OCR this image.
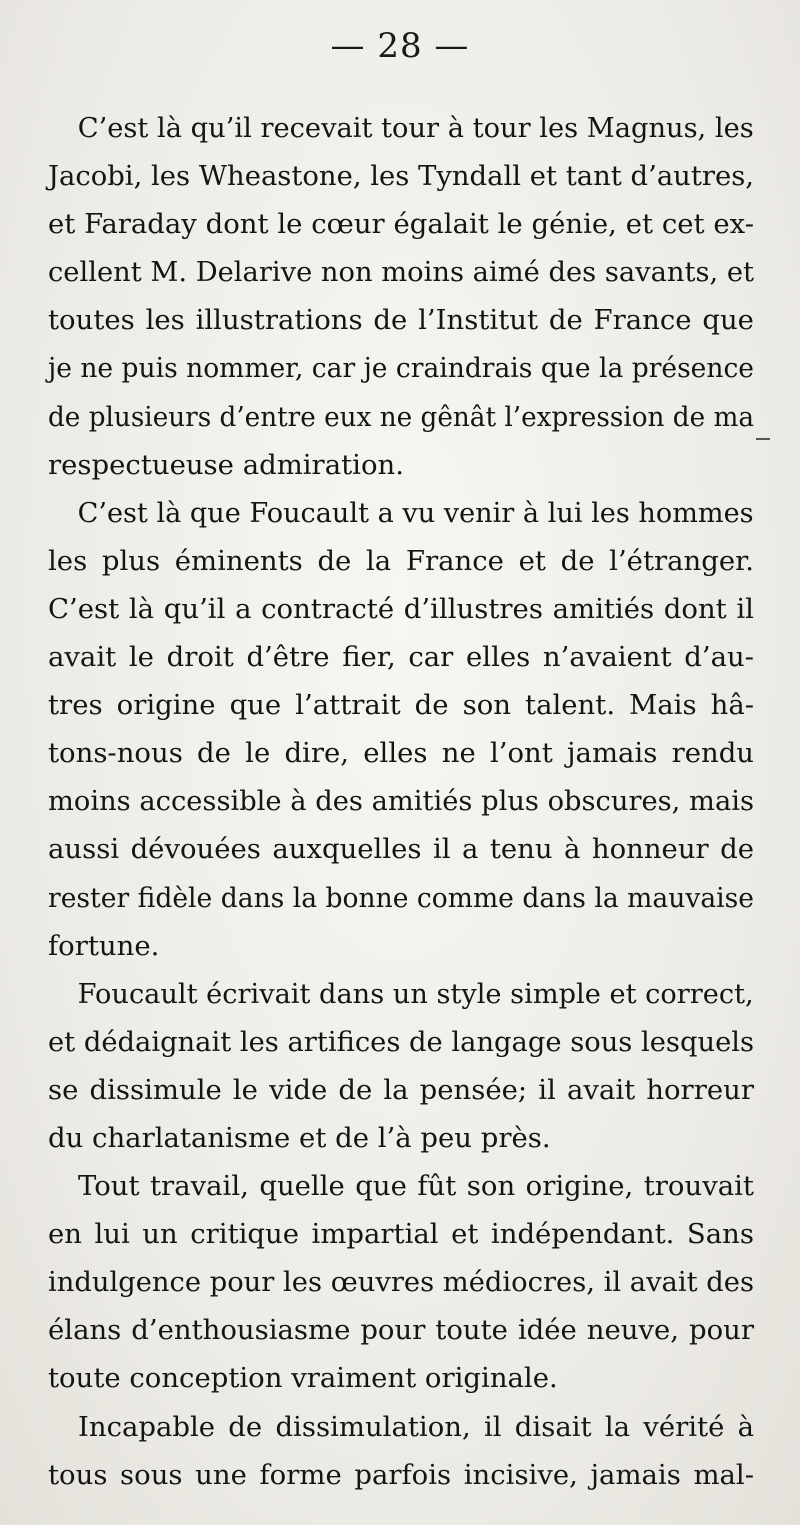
— 28 —
C’est là qu’il recevait tour à tour les Magnus, les
Jacobi, les Wheastone, les Tyndall et tant d’autres,
et Faraday dont le cœur égalait le génie, et cet ex-
cellent M. Delarive non moins aimé des savants, et
toutes les illustrations de l’Institut de France que
je ne puis nommer, car je craindrais que la présence
de plusieurs d’entre eux ne gênât l’expression de ma
respectueuse admiration.
C’est là que Foucault a vu venir à lui les hommes
les plus éminents de la France et de l’étranger.
C’est là qu’il a contracté d’illustres amitiés dont il
avait le droit d’être fier, car elles n’avaient d’au-
tres origine que l’attrait de son talent. Mais hâ-
tons-nous de le dire, elles ne l’ont jamais rendu
moins accessible à des amitiés plus obscures, mais
aussi dévouées auxquelles il a tenu à honneur de
rester fidèle dans la bonne comme dans la mauvaise
fortune.
Foucault écrivait dans un style simple et correct,
et dédaignait les artifices de langage sous lesquels
se dissimule le vide de la pensée; il avait horreur
du charlatanisme et de l’à peu près.
Tout travail, quelle que fût son origine, trouvait
en lui un critique impartial et indépendant. Sans
indulgence pour les œuvres médiocres, il avait des
élans d’enthousiasme pour toute idée neuve, pour
toute conception vraiment originale.
Incapable de dissimulation, il disait la vérité à
tous sous une forme parfois incisive, jamais mal-
